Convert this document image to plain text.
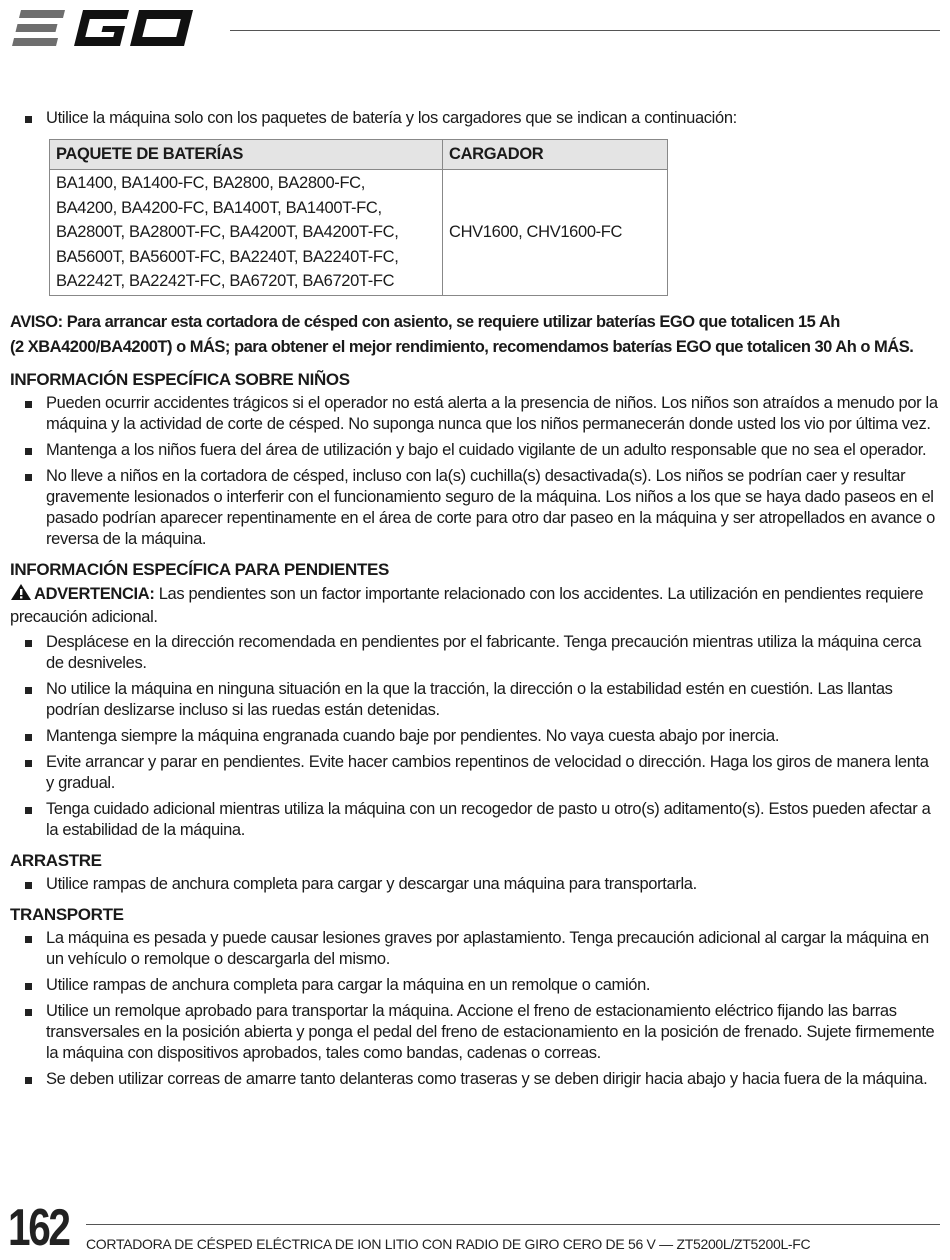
Utilice la máquina solo con los paquetes de batería y los cargadores que se indican a continuación:
PAQUETE DE BATERÍAS	CARGADOR

BA1400, BA1400-FC, BA2800, BA2800-FC,
BA4200, BA4200-FC, BA1400T, BA1400T-FC,
BA2800T, BA2800T-FC, BA4200T, BA4200T-FC,
BA5600T, BA5600T-FC, BA2240T, BA2240T-FC,
BA2242T, BA2242T-FC, BA6720T, BA6720T-FC	CHV1600, CHV1600-FC
AVISO: Para arrancar esta cortadora de césped con asiento, se requiere utilizar baterías EGO que totalicen 15 Ah
(2 XBA4200/BA4200T) o MÁS; para obtener el mejor rendimiento, recomendamos baterías EGO que totalicen 30 Ah o MÁS.
INFORMACIÓN ESPECÍFICA SOBRE NIÑOS
Pueden ocurrir accidentes trágicos si el operador no está alerta a la presencia de niños. Los niños son atraídos a menudo por la máquina y la actividad de corte de césped. No suponga nunca que los niños permanecerán donde usted los vio por última vez.
Mantenga a los niños fuera del área de utilización y bajo el cuidado vigilante de un adulto responsable que no sea el operador.
No lleve a niños en la cortadora de césped, incluso con la(s) cuchilla(s) desactivada(s). Los niños se podrían caer y resultar gravemente lesionados o interferir con el funcionamiento seguro de la máquina. Los niños a los que se haya dado paseos en el pasado podrían aparecer repentinamente en el área de corte para otro dar paseo en la máquina y ser atropellados en avance o reversa de la máquina.
INFORMACIÓN ESPECÍFICA PARA PENDIENTES
ADVERTENCIA: Las pendientes son un factor importante relacionado con los accidentes. La utilización en pendientes requiere precaución adicional.
Desplácese en la dirección recomendada en pendientes por el fabricante. Tenga precaución mientras utiliza la máquina cerca de desniveles.
No utilice la máquina en ninguna situación en la que la tracción, la dirección o la estabilidad estén en cuestión. Las llantas podrían deslizarse incluso si las ruedas están detenidas.
Mantenga siempre la máquina engranada cuando baje por pendientes. No vaya cuesta abajo por inercia.
Evite arrancar y parar en pendientes. Evite hacer cambios repentinos de velocidad o dirección. Haga los giros de manera lenta y gradual.
Tenga cuidado adicional mientras utiliza la máquina con un recogedor de pasto u otro(s) aditamento(s). Estos pueden afectar a la estabilidad de la máquina.
ARRASTRE
Utilice rampas de anchura completa para cargar y descargar una máquina para transportarla.
TRANSPORTE
La máquina es pesada y puede causar lesiones graves por aplastamiento. Tenga precaución adicional al cargar la máquina en un vehículo o remolque o descargarla del mismo.
Utilice rampas de anchura completa para cargar la máquina en un remolque o camión.
Utilice un remolque aprobado para transportar la máquina. Accione el freno de estacionamiento eléctrico fijando las barras transversales en la posición abierta y ponga el pedal del freno de estacionamiento en la posición de frenado. Sujete firmemente la máquina con dispositivos aprobados, tales como bandas, cadenas o correas.
Se deben utilizar correas de amarre tanto delanteras como traseras y se deben dirigir hacia abajo y hacia fuera de la máquina.
162 CORTADORA DE CÉSPED ELÉCTRICA DE ION LITIO CON RADIO DE GIRO CERO DE 56 V — ZT5200L/ZT5200L-FC
